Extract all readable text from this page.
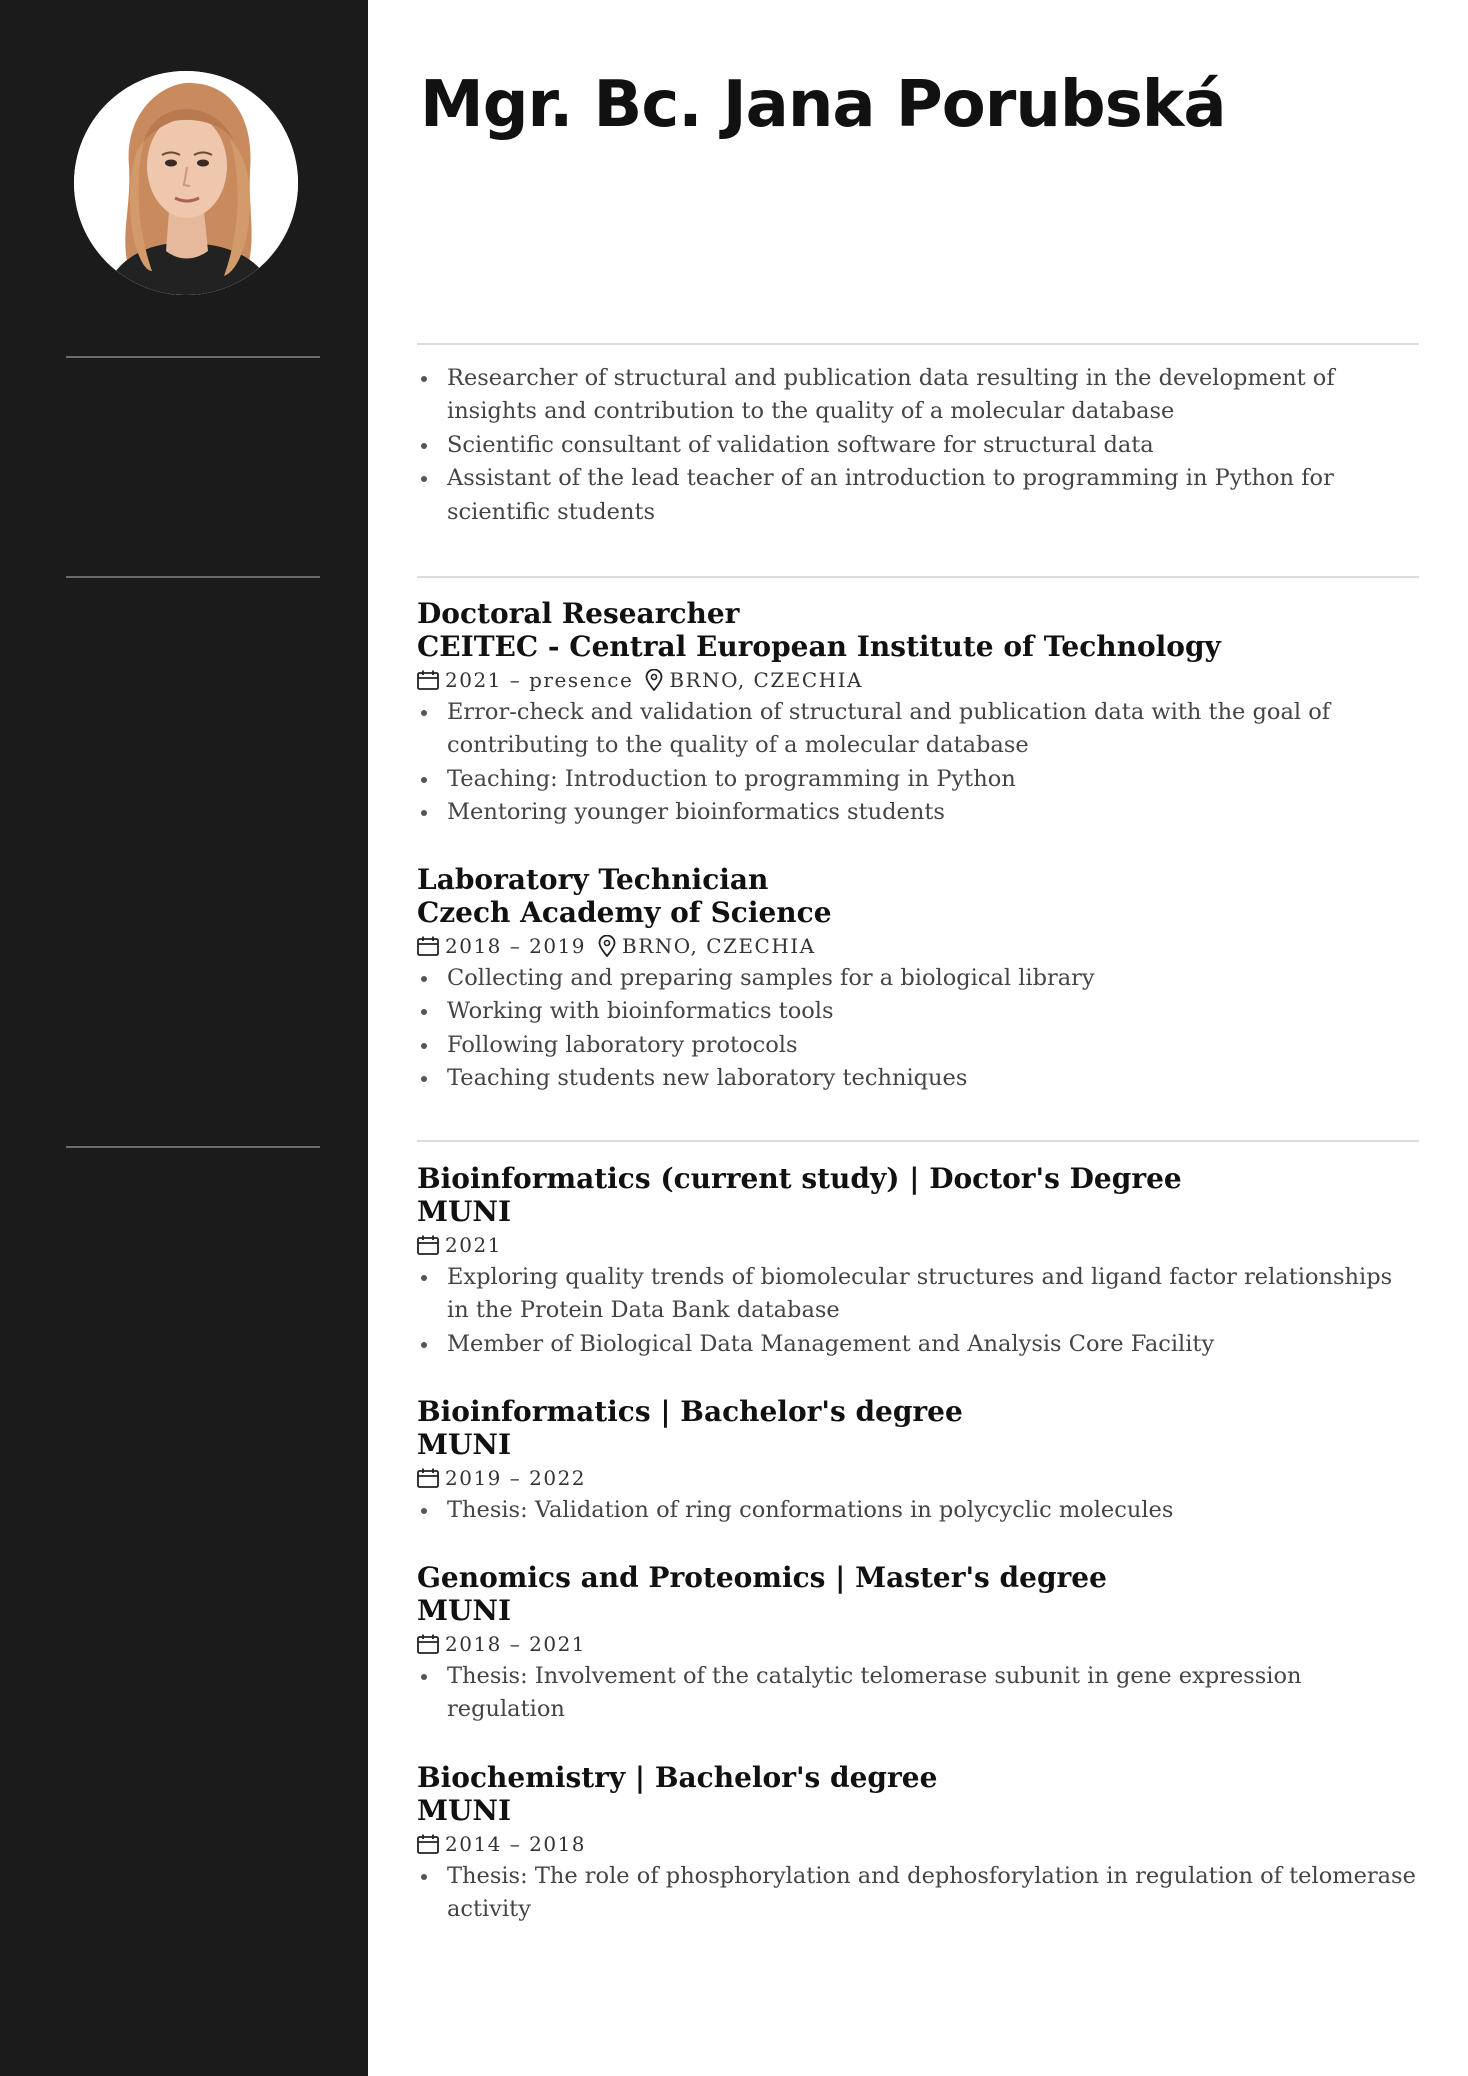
Mgr. Bc. Jana Porubská
Researcher of structural and publication data resulting in the development of insights and contribution to the quality of a molecular database
Scientific consultant of validation software for structural data
Assistant of the lead teacher of an introduction to programming in Python for scientific students
Doctoral Researcher
CEITEC - Central European Institute of Technology
2021 – presence BRNO, CZECHIA
Error-check and validation of structural and publication data with the goal of contributing to the quality of a molecular database
Teaching: Introduction to programming in Python
Mentoring younger bioinformatics students
Laboratory Technician
Czech Academy of Science
2018 – 2019 BRNO, CZECHIA
Collecting and preparing samples for a biological library
Working with bioinformatics tools
Following laboratory protocols
Teaching students new laboratory techniques
Bioinformatics (current study) | Doctor's Degree
MUNI
2021
Exploring quality trends of biomolecular structures and ligand factor relationships in the Protein Data Bank database
Member of Biological Data Management and Analysis Core Facility
Bioinformatics | Bachelor's degree
MUNI
2019 – 2022
Thesis: Validation of ring conformations in polycyclic molecules
Genomics and Proteomics | Master's degree
MUNI
2018 – 2021
Thesis: Involvement of the catalytic telomerase subunit in gene expression regulation
Biochemistry | Bachelor's degree
MUNI
2014 – 2018
Thesis: The role of phosphorylation and dephosforylation in regulation of telomerase activity
